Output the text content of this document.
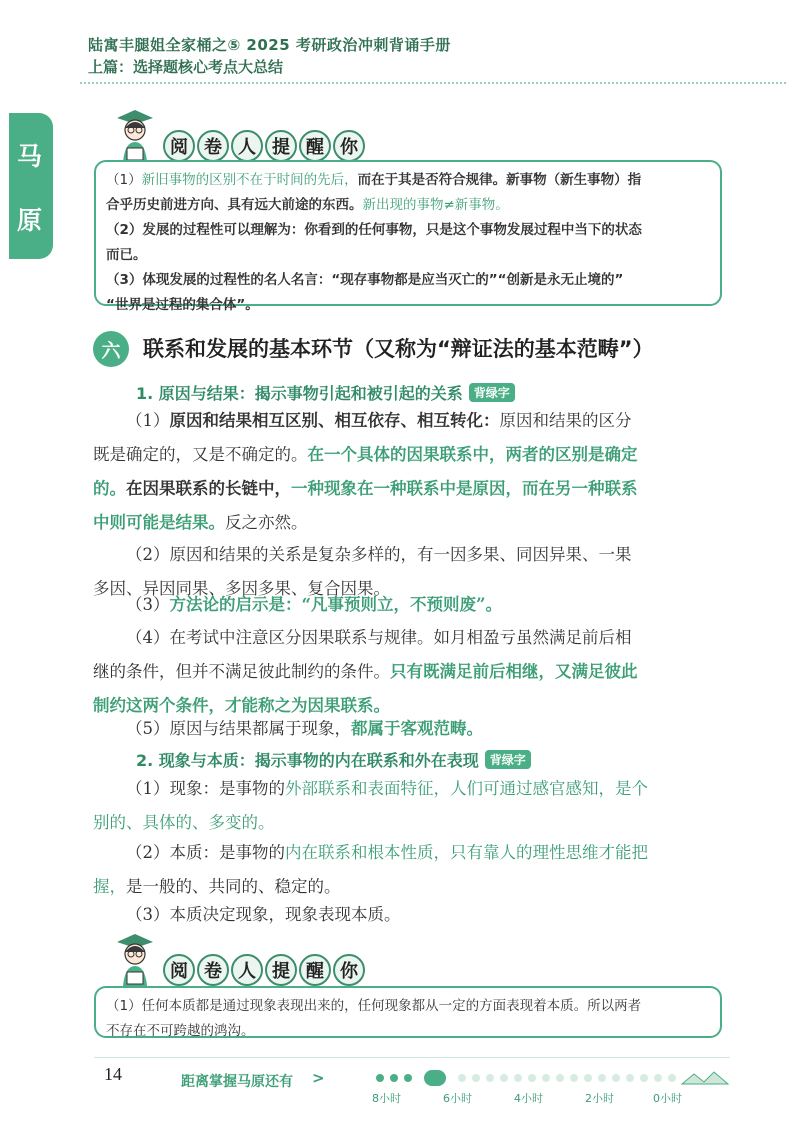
陆寓丰腿姐全家桶之⑤ 2025 考研政治冲刺背诵手册
上篇：选择题核心考点大总结
马
原
阅 卷 人 提 醒 你
（1）新旧事物的区别不在于时间的先后，而在于其是否符合规律。新事物（新生事物）指
合乎历史前进方向、具有远大前途的东西。新出现的事物≠新事物。
（2）发展的过程性可以理解为：你看到的任何事物，只是这个事物发展过程中当下的状态
而已。
（3）体现发展的过程性的名人名言：“现存事物都是应当灭亡的”“创新是永无止境的”
“世界是过程的集合体”。
六	联系和发展的基本环节（又称为“辩证法的基本范畴”）
1. 原因与结果：揭示事物引起和被引起的关系 背绿字
（1）原因和结果相互区别、相互依存、相互转化：原因和结果的区分
既是确定的，又是不确定的。在一个具体的因果联系中，两者的区别是确定
的。在因果联系的长链中，一种现象在一种联系中是原因，而在另一种联系
中则可能是结果。反之亦然。
（2）原因和结果的关系是复杂多样的，有一因多果、同因异果、一果
多因、异因同果、多因多果、复合因果。
（3）方法论的启示是：“凡事预则立，不预则废”。
（4）在考试中注意区分因果联系与规律。如月相盈亏虽然满足前后相
继的条件，但并不满足彼此制约的条件。只有既满足前后相继，又满足彼此
制约这两个条件，才能称之为因果联系。
（5）原因与结果都属于现象，都属于客观范畴。
2. 现象与本质：揭示事物的内在联系和外在表现 背绿字
（1）现象：是事物的外部联系和表面特征，人们可通过感官感知，是个
别的、具体的、多变的。
（2）本质：是事物的内在联系和根本性质，只有靠人的理性思维才能把
握，是一般的、共同的、稳定的。
（3）本质决定现象，现象表现本质。
阅 卷 人 提 醒 你
（1）任何本质都是通过现象表现出来的，任何现象都从一定的方面表现着本质。所以两者
不存在不可跨越的鸿沟。
14	距离掌握马原还有 >
8小时	6小时	4小时	2小时	0小时
